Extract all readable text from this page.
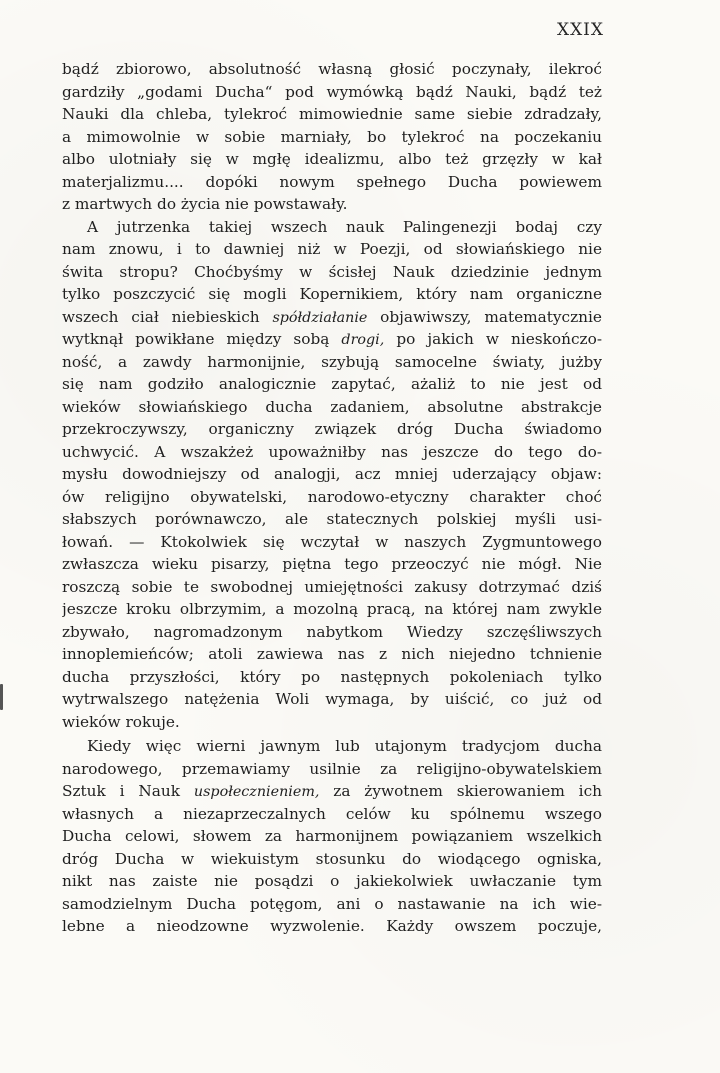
XXIX
bądź zbiorowo, absolutność własną głosić poczynały, ilekroć
gardziły „godami Ducha“ pod wymówką bądź Nauki, bądź też
Nauki dla chleba, tylekroć mimowiednie same siebie zdradzały,
a mimowolnie w sobie marniały, bo tylekroć na poczekaniu
albo ulotniały się w mgłę idealizmu, albo też grzęzły w kał
materjalizmu.... dopóki nowym spełnego Ducha powiewem
z martwych do życia nie powstawały.
A jutrzenka takiej wszech nauk Palingenezji bodaj czy
nam znowu, i to dawniej niż w Poezji, od słowiańskiego nie
świta stropu? Choćbyśmy w ścisłej Nauk dziedzinie jednym
tylko poszczycić się mogli Kopernikiem, który nam organiczne
wszech ciał niebieskich spółdziałanie objawiwszy, matematycznie
wytknął powikłane między sobą drogi, po jakich w nieskończo-
ność, a zawdy harmonijnie, szybują samocelne światy, jużby
się nam godziło analogicznie zapytać, ażaliż to nie jest od
wieków słowiańskiego ducha zadaniem, absolutne abstrakcje
przekroczywszy, organiczny związek dróg Ducha świadomo
uchwycić. A wszakżeż upoważniłby nas jeszcze do tego do-
mysłu dowodniejszy od analogji, acz mniej uderzający objaw:
ów religijno obywatelski, narodowo-etyczny charakter choć
słabszych porównawczo, ale statecznych polskiej myśli usi-
łowań. — Ktokolwiek się wczytał w naszych Zygmuntowego
zwłaszcza wieku pisarzy, piętna tego przeoczyć nie mógł. Nie
roszczą sobie te swobodnej umiejętności zakusy dotrzymać dziś
jeszcze kroku olbrzymim, a mozolną pracą, na której nam zwykle
zbywało, nagromadzonym nabytkom Wiedzy szczęśliwszych
innoplemieńców; atoli zawiewa nas z nich niejedno tchnienie
ducha przyszłości, który po następnych pokoleniach tylko
wytrwalszego natężenia Woli wymaga, by uiścić, co już od
wieków rokuje.
Kiedy więc wierni jawnym lub utajonym tradycjom ducha
narodowego, przemawiamy usilnie za religijno-obywatelskiem
Sztuk i Nauk uspołecznieniem, za żywotnem skierowaniem ich
własnych a niezaprzeczalnych celów ku spólnemu wszego
Ducha celowi, słowem za harmonijnem powiązaniem wszelkich
dróg Ducha w wiekuistym stosunku do wiodącego ogniska,
nikt nas zaiste nie posądzi o jakiekolwiek uwłaczanie tym
samodzielnym Ducha potęgom, ani o nastawanie na ich wie-
lebne a nieodzowne wyzwolenie. Każdy owszem poczuje,
